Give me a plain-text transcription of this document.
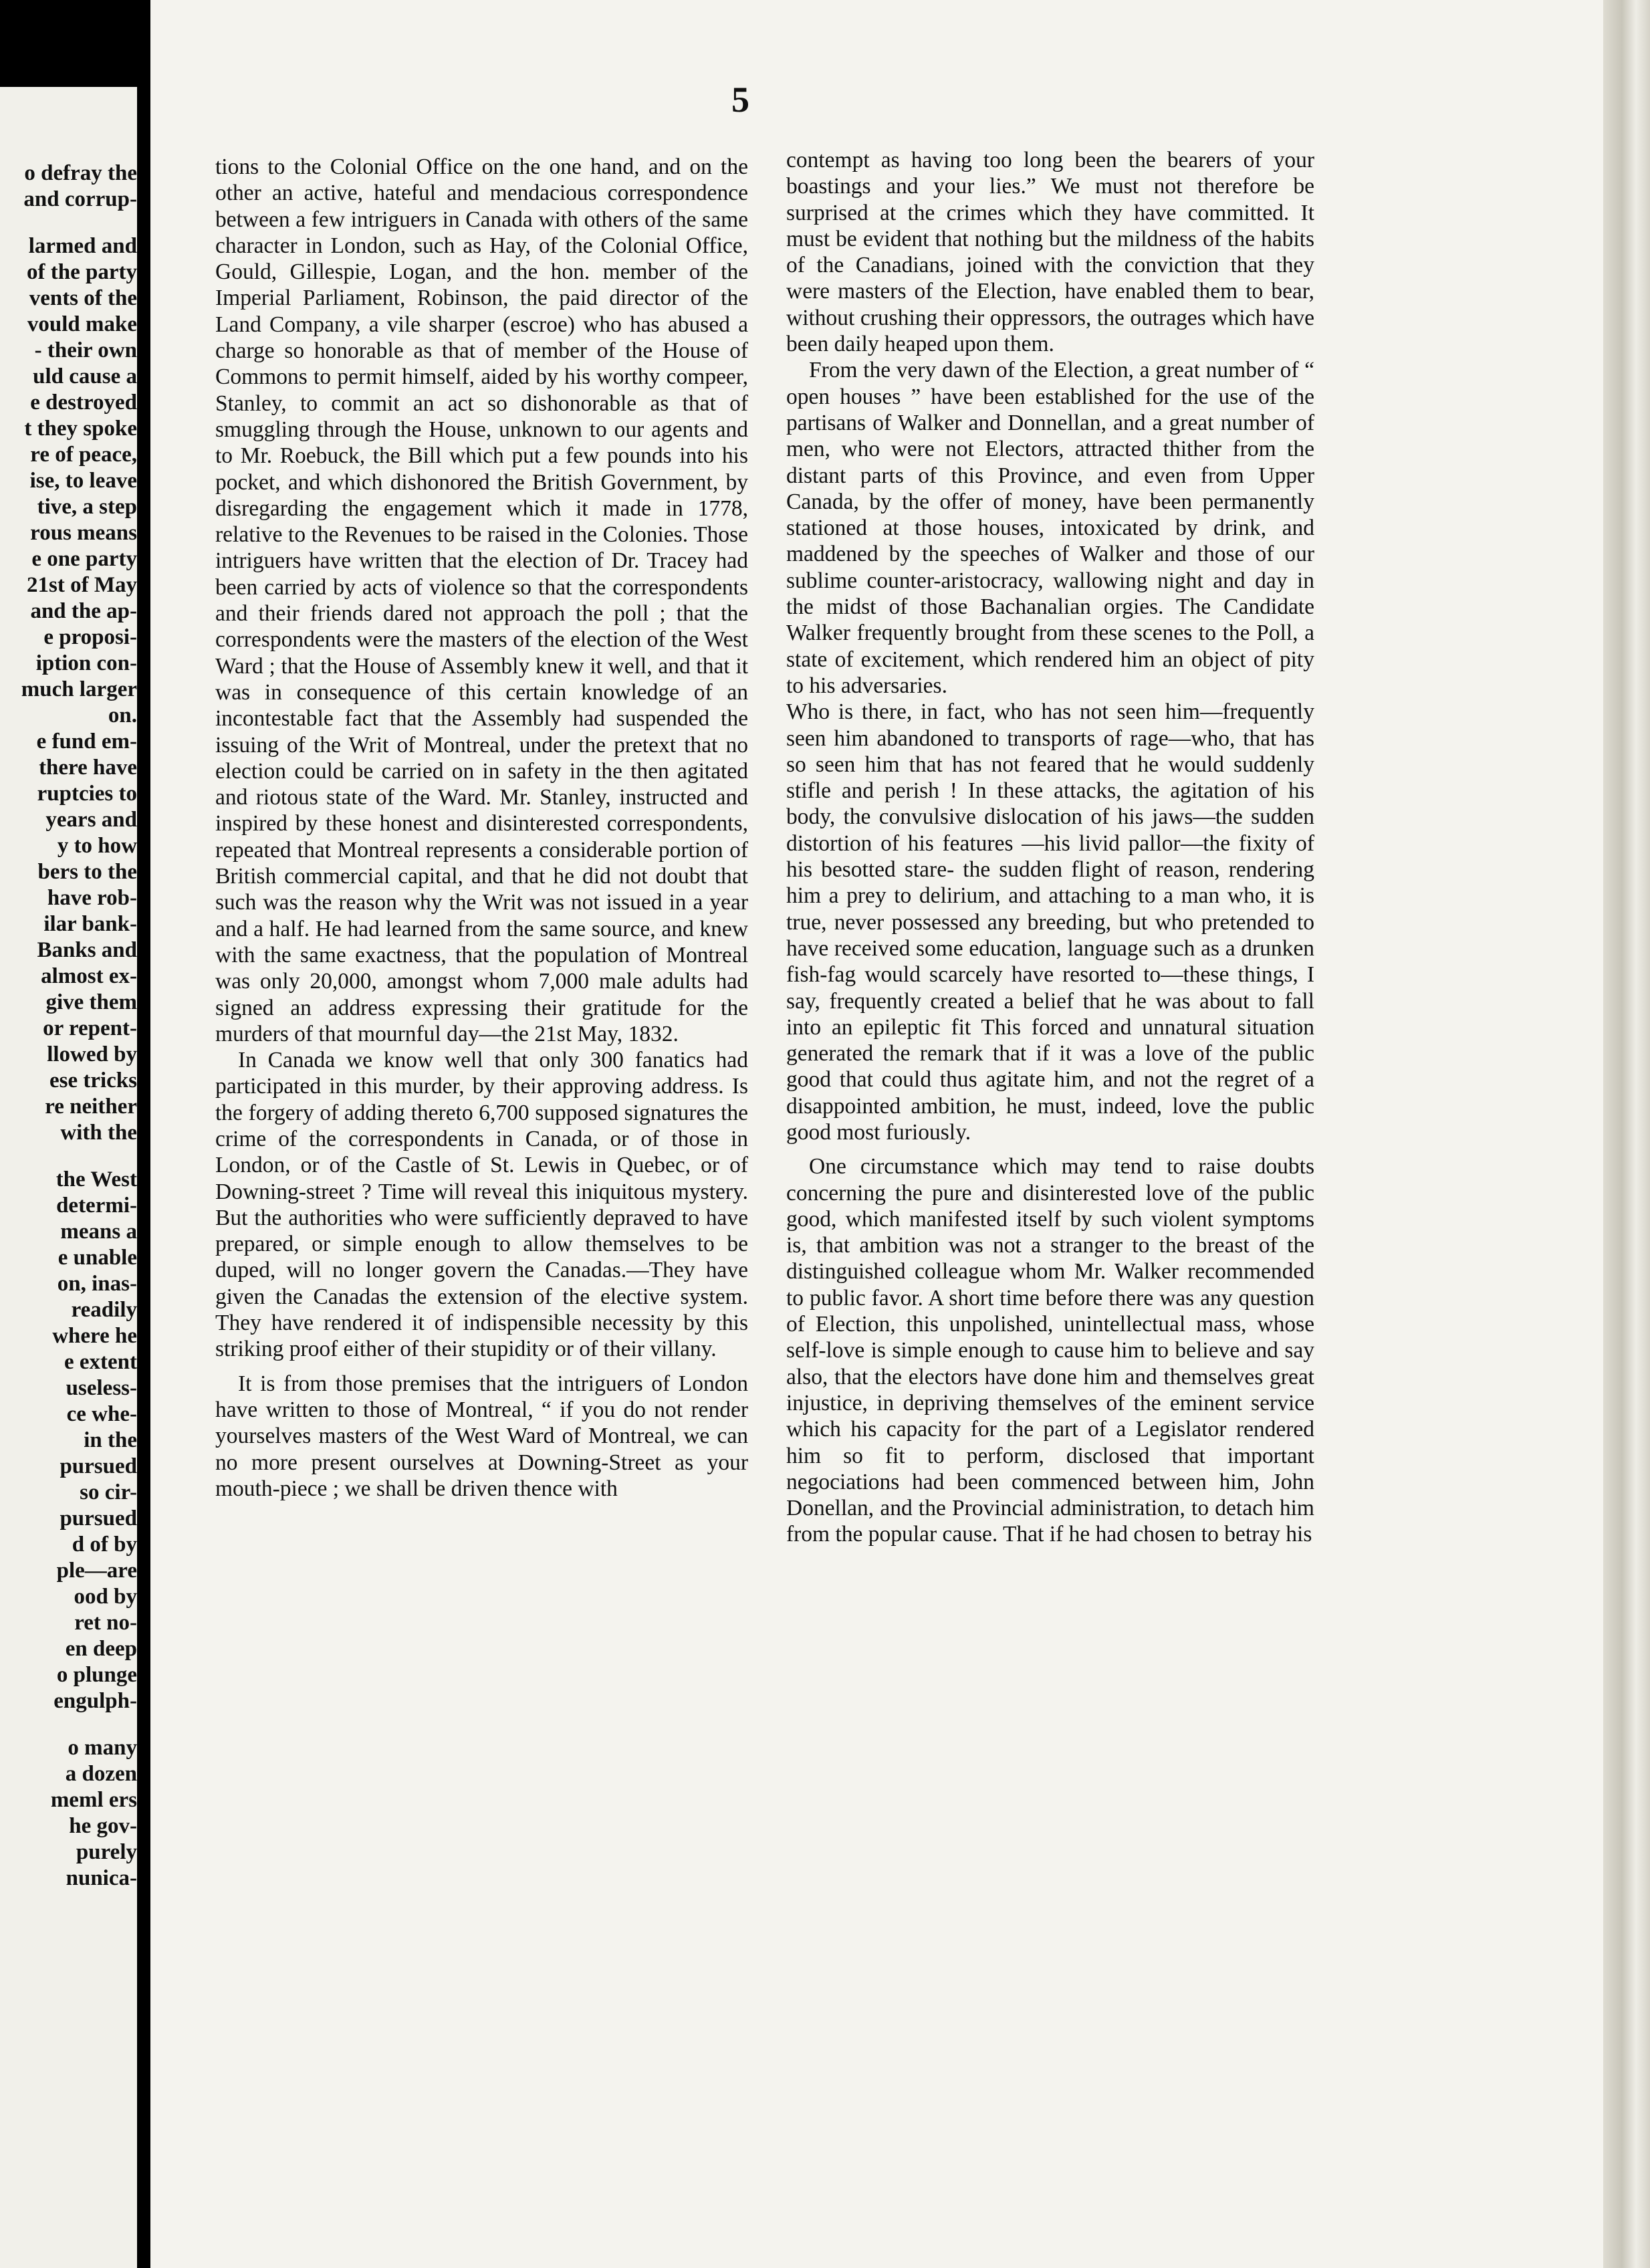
o defray the

and corrup-

larmed and

of the party

vents of the

vould make

- their own

uld cause a

e destroyed

t they spoke

re of peace,

ise, to leave

tive, a step

rous means

e one party

21st of May

and the ap-

e proposi-

iption con-

much larger

on.

e fund em-

there have

ruptcies to

years and

y to how

bers to the

have rob-

ilar bank-

Banks and

almost ex-

give them

or repent-

llowed by

ese tricks

re neither

with the

the West

determi-

means a

e unable

on, inas-

readily

where he

e extent

useless-

ce whe-

in the

pursued

so cir-

pursued

d of by

ple—are

ood by

ret no-

en deep

o plunge

engulph-

o many

a dozen

meml ers

he gov-

purely

nunica-

5

tions to the Colonial Office on the one hand, and on the other an active, hateful and mendacious correspondence between a few intriguers in Canada with others of the same character in London, such as Hay, of the Colonial Office, Gould, Gillespie, Logan, and the hon. member of the Imperial Parliament, Robinson, the paid director of the Land Company, a vile sharper (escroe) who has abused a charge so honorable as that of member of the House of Commons to permit himself, aided by his worthy compeer, Stanley, to commit an act so dishonorable as that of smuggling through the House, unknown to our agents and to Mr. Roebuck, the Bill which put a few pounds into his pocket, and which dishonored the British Government, by disregarding the engagement which it made in 1778, relative to the Revenues to be raised in the Colonies. Those intriguers have written that the election of Dr. Tracey had been carried by acts of violence so that the correspondents and their friends dared not approach the poll ; that the correspondents were the masters of the election of the West Ward ; that the House of Assembly knew it well, and that it was in consequence of this certain knowledge of an incontestable fact that the Assembly had suspended the issuing of the Writ of Montreal, under the pretext that no election could be carried on in safety in the then agitated and riotous state of the Ward. Mr. Stanley, instructed and inspired by these honest and disinterested correspondents, repeated that Montreal represents a considerable portion of British commercial capital, and that he did not doubt that such was the reason why the Writ was not issued in a year and a half. He had learned from the same source, and knew with the same exactness, that the population of Montreal was only 20,000, amongst whom 7,000 male adults had signed an address expressing their gratitude for the murders of that mournful day—the 21st May, 1832.

In Canada we know well that only 300 fanatics had participated in this murder, by their approving address. Is the forgery of adding thereto 6,700 supposed signatures the crime of the correspondents in Canada, or of those in London, or of the Castle of St. Lewis in Quebec, or of Downing-street ? Time will reveal this iniquitous mystery. But the authorities who were sufficiently depraved to have prepared, or simple enough to allow themselves to be duped, will no longer govern the Canadas.—They have given the Canadas the extension of the elective system. They have rendered it of indispensible necessity by this striking proof either of their stupidity or of their villany.

It is from those premises that the intriguers of London have written to those of Montreal, “ if you do not render yourselves masters of the West Ward of Montreal, we can no more present ourselves at Downing-Street as your mouth-piece ; we shall be driven thence with

contempt as having too long been the bearers of your boastings and your lies.” We must not therefore be surprised at the crimes which they have committed. It must be evident that nothing but the mildness of the habits of the Canadians, joined with the conviction that they were masters of the Election, have enabled them to bear, without crushing their oppressors, the outrages which have been daily heaped upon them.

From the very dawn of the Election, a great number of “ open houses ” have been established for the use of the partisans of Walker and Donnellan, and a great number of men, who were not Electors, attracted thither from the distant parts of this Province, and even from Upper Canada, by the offer of money, have been permanently stationed at those houses, intoxicated by drink, and maddened by the speeches of Walker and those of our sublime counter-aristocracy, wallowing night and day in the midst of those Bachanalian orgies. The Candidate Walker frequently brought from these scenes to the Poll, a state of excitement, which rendered him an object of pity to his adversaries.

Who is there, in fact, who has not seen him—frequently seen him abandoned to transports of rage—who, that has so seen him that has not feared that he would suddenly stifle and perish ! In these attacks, the agitation of his body, the convulsive dislocation of his jaws—the sudden distortion of his features —his livid pallor—the fixity of his besotted stare- the sudden flight of reason, rendering him a prey to delirium, and attaching to a man who, it is true, never possessed any breeding, but who pretended to have received some education, language such as a drunken fish-fag would scarcely have resorted to—these things, I say, frequently created a belief that he was about to fall into an epileptic fit This forced and unnatural situation generated the remark that if it was a love of the public good that could thus agitate him, and not the regret of a disappointed ambition, he must, indeed, love the public good most furiously.

One circumstance which may tend to raise doubts concerning the pure and disinterested love of the public good, which manifested itself by such violent symptoms is, that ambition was not a stranger to the breast of the distinguished colleague whom Mr. Walker recommended to public favor. A short time before there was any question of Election, this unpolished, unintellectual mass, whose self-love is simple enough to cause him to believe and say also, that the electors have done him and themselves great injustice, in depriving themselves of the eminent service which his capacity for the part of a Legislator rendered him so fit to perform, disclosed that important negociations had been commenced between him, John Donellan, and the Provincial administration, to detach him from the popular cause. That if he had chosen to betray his
